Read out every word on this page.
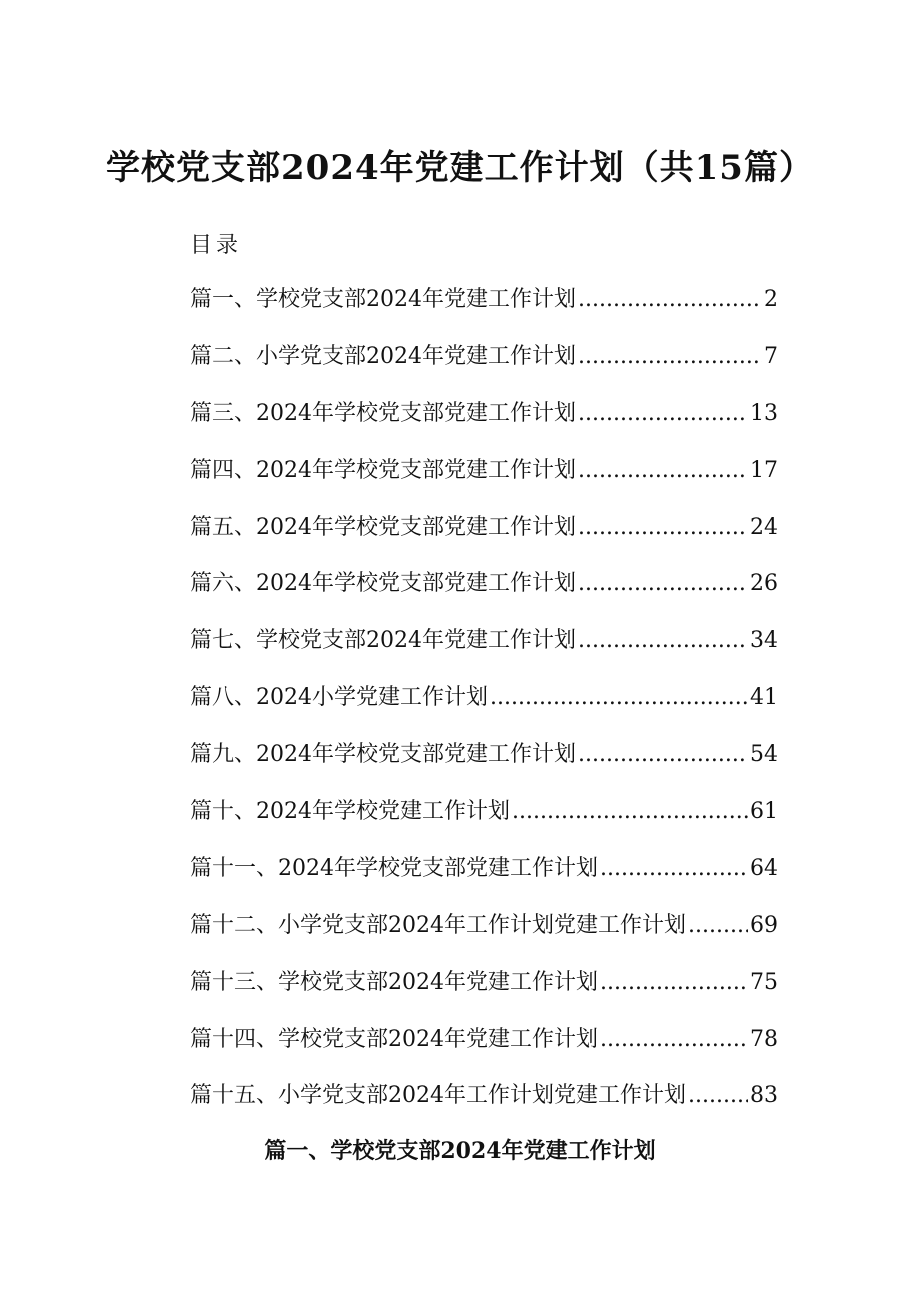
学校党支部2024年党建工作计划（共15篇）
目录
篇一、学校党支部2024年党建工作计划 .....	2
篇二、小学党支部2024年党建工作计划 .....	7
篇三、2024年学校党支部党建工作计划 .....	13
篇四、2024年学校党支部党建工作计划 .....	17
篇五、2024年学校党支部党建工作计划 .....	24
篇六、2024年学校党支部党建工作计划 .....	26
篇七、学校党支部2024年党建工作计划 .....	34
篇八、2024小学党建工作计划 .....	41
篇九、2024年学校党支部党建工作计划 .....	54
篇十、2024年学校党建工作计划 .....	61
篇十一、2024年学校党支部党建工作计划 .....	64
篇十二、小学党支部2024年工作计划党建工作计划 .....	69
篇十三、学校党支部2024年党建工作计划 .....	75
篇十四、学校党支部2024年党建工作计划 .....	78
篇十五、小学党支部2024年工作计划党建工作计划 .....	83
篇一、学校党支部2024年党建工作计划
